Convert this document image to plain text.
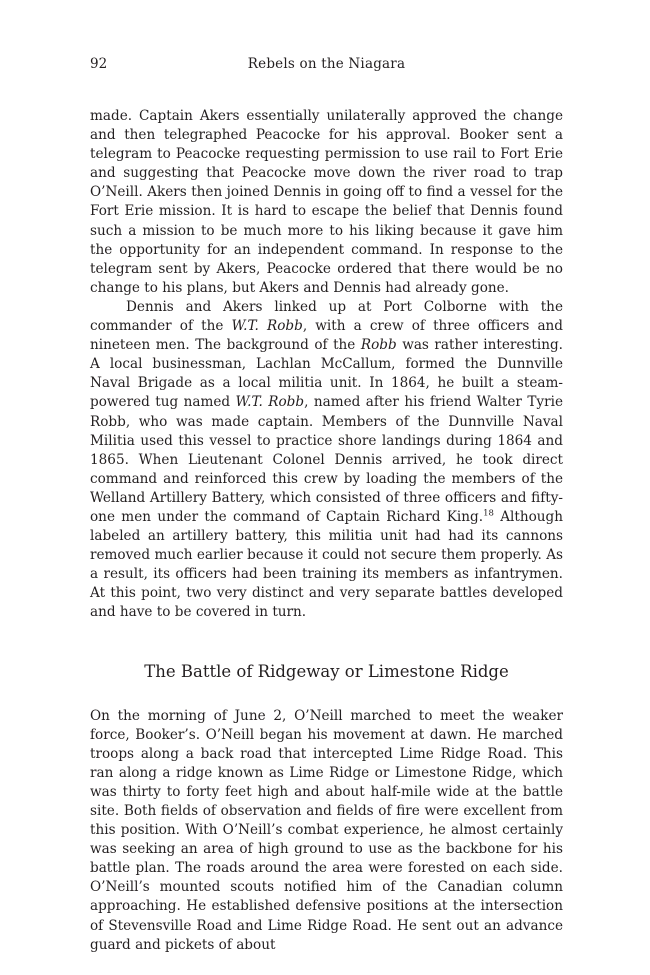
92	Rebels on the Niagara

made. Captain Akers essentially unilaterally approved the change and then telegraphed Peacocke for his approval. Booker sent a telegram to Peacocke requesting permission to use rail to Fort Erie and suggesting that Peacocke move down the river road to trap O’Neill. Akers then joined Dennis in going off to find a vessel for the Fort Erie mission. It is hard to escape the belief that Dennis found such a mission to be much more to his liking because it gave him the opportunity for an independent command. In response to the telegram sent by Akers, Peacocke ordered that there would be no change to his plans, but Akers and Dennis had already gone.

Dennis and Akers linked up at Port Colborne with the commander of the W.T. Robb, with a crew of three officers and nineteen men. The background of the Robb was rather interesting. A local businessman, Lachlan McCallum, formed the Dunnville Naval Brigade as a local militia unit. In 1864, he built a steam-powered tug named W.T. Robb, named after his friend Walter Tyrie Robb, who was made captain. Members of the Dunnville Naval Militia used this vessel to practice shore landings during 1864 and 1865. When Lieutenant Colonel Dennis arrived, he took direct command and reinforced this crew by loading the members of the Welland Artillery Battery, which consisted of three officers and fifty-one men under the command of Captain Richard King.$^{18}$ Although labeled an artillery battery, this militia unit had had its cannons removed much earlier because it could not secure them properly. As a result, its officers had been training its members as infantrymen. At this point, two very distinct and very separate battles developed and have to be covered in turn.

The Battle of Ridgeway or Limestone Ridge

On the morning of June 2, O’Neill marched to meet the weaker force, Booker’s. O’Neill began his movement at dawn. He marched troops along a back road that intercepted Lime Ridge Road. This ran along a ridge known as Lime Ridge or Limestone Ridge, which was thirty to forty feet high and about half-mile wide at the battle site. Both fields of observation and fields of fire were excellent from this position. With O’Neill’s combat experience, he almost certainly was seeking an area of high ground to use as the backbone for his battle plan. The roads around the area were forested on each side. O’Neill’s mounted scouts notified him of the Canadian column approaching. He established defensive positions at the intersection of Stevensville Road and Lime Ridge Road. He sent out an advance guard and pickets of about
